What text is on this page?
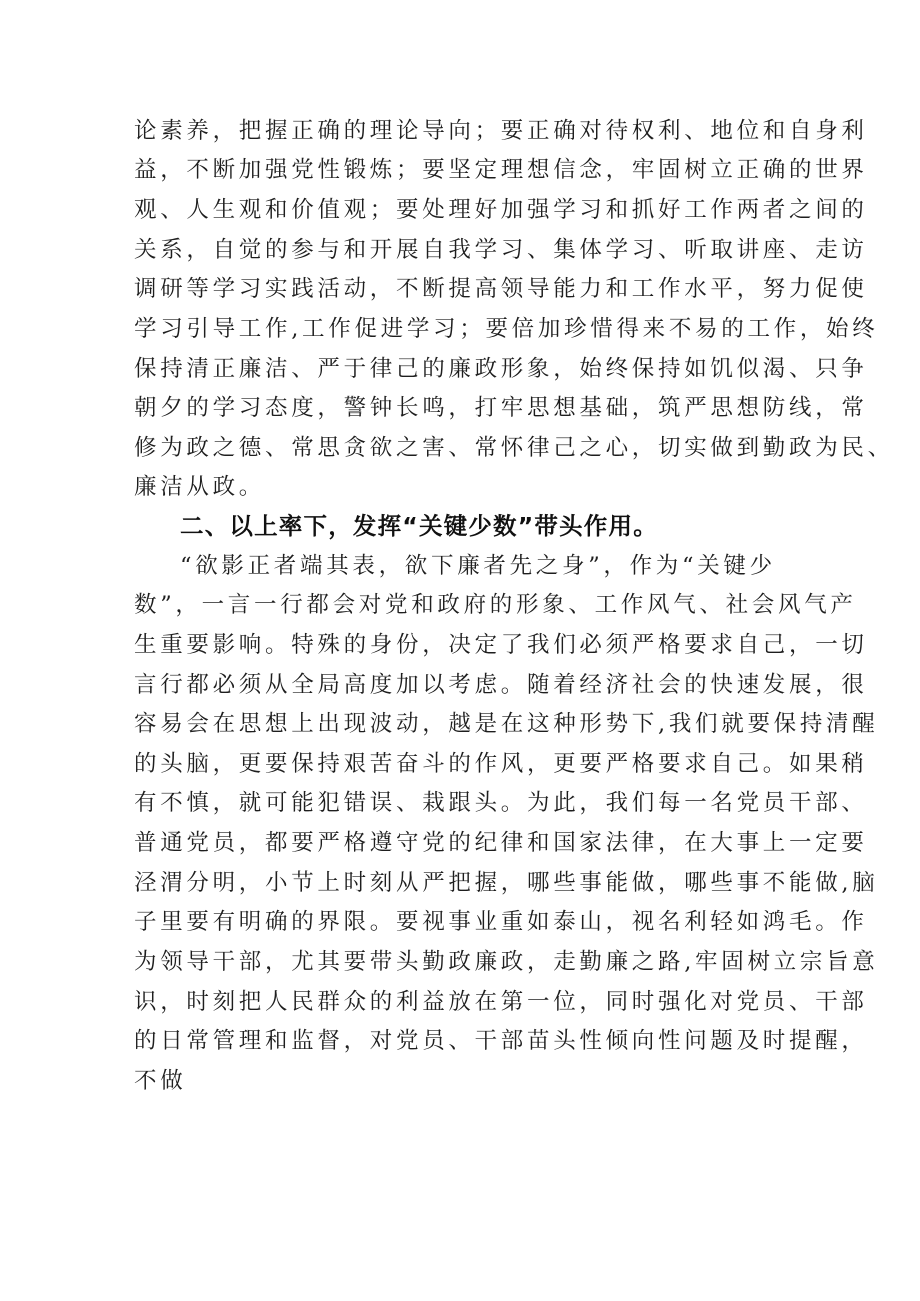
论素养，把握正确的理论导向；要正确对待权利、地位和自身利
益，不断加强党性锻炼；要坚定理想信念，牢固树立正确的世界
观、人生观和价值观；要处理好加强学习和抓好工作两者之间的
关系，自觉的参与和开展自我学习、集体学习、听取讲座、走访
调研等学习实践活动，不断提高领导能力和工作水平，努力促使
学习引导工作,工作促进学习；要倍加珍惜得来不易的工作，始终
保持清正廉洁、严于律己的廉政形象，始终保持如饥似渴、只争
朝夕的学习态度，警钟长鸣，打牢思想基础，筑严思想防线，常
修为政之德、常思贪欲之害、常怀律己之心，切实做到勤政为民、
廉洁从政。
二、以上率下，发挥“关键少数”带头作用。
“欲影正者端其表，欲下廉者先之身”，作为“关键少
数”，一言一行都会对党和政府的形象、工作风气、社会风气产
生重要影响。特殊的身份，决定了我们必须严格要求自己，一切
言行都必须从全局高度加以考虑。随着经济社会的快速发展，很
容易会在思想上出现波动，越是在这种形势下,我们就要保持清醒
的头脑，更要保持艰苦奋斗的作风，更要严格要求自己。如果稍
有不慎，就可能犯错误、栽跟头。为此，我们每一名党员干部、
普通党员，都要严格遵守党的纪律和国家法律，在大事上一定要
泾渭分明，小节上时刻从严把握，哪些事能做，哪些事不能做,脑
子里要有明确的界限。要视事业重如泰山，视名利轻如鸿毛。作
为领导干部，尤其要带头勤政廉政，走勤廉之路,牢固树立宗旨意
识，时刻把人民群众的利益放在第一位，同时强化对党员、干部
的日常管理和监督，对党员、干部苗头性倾向性问题及时提醒，
不做
